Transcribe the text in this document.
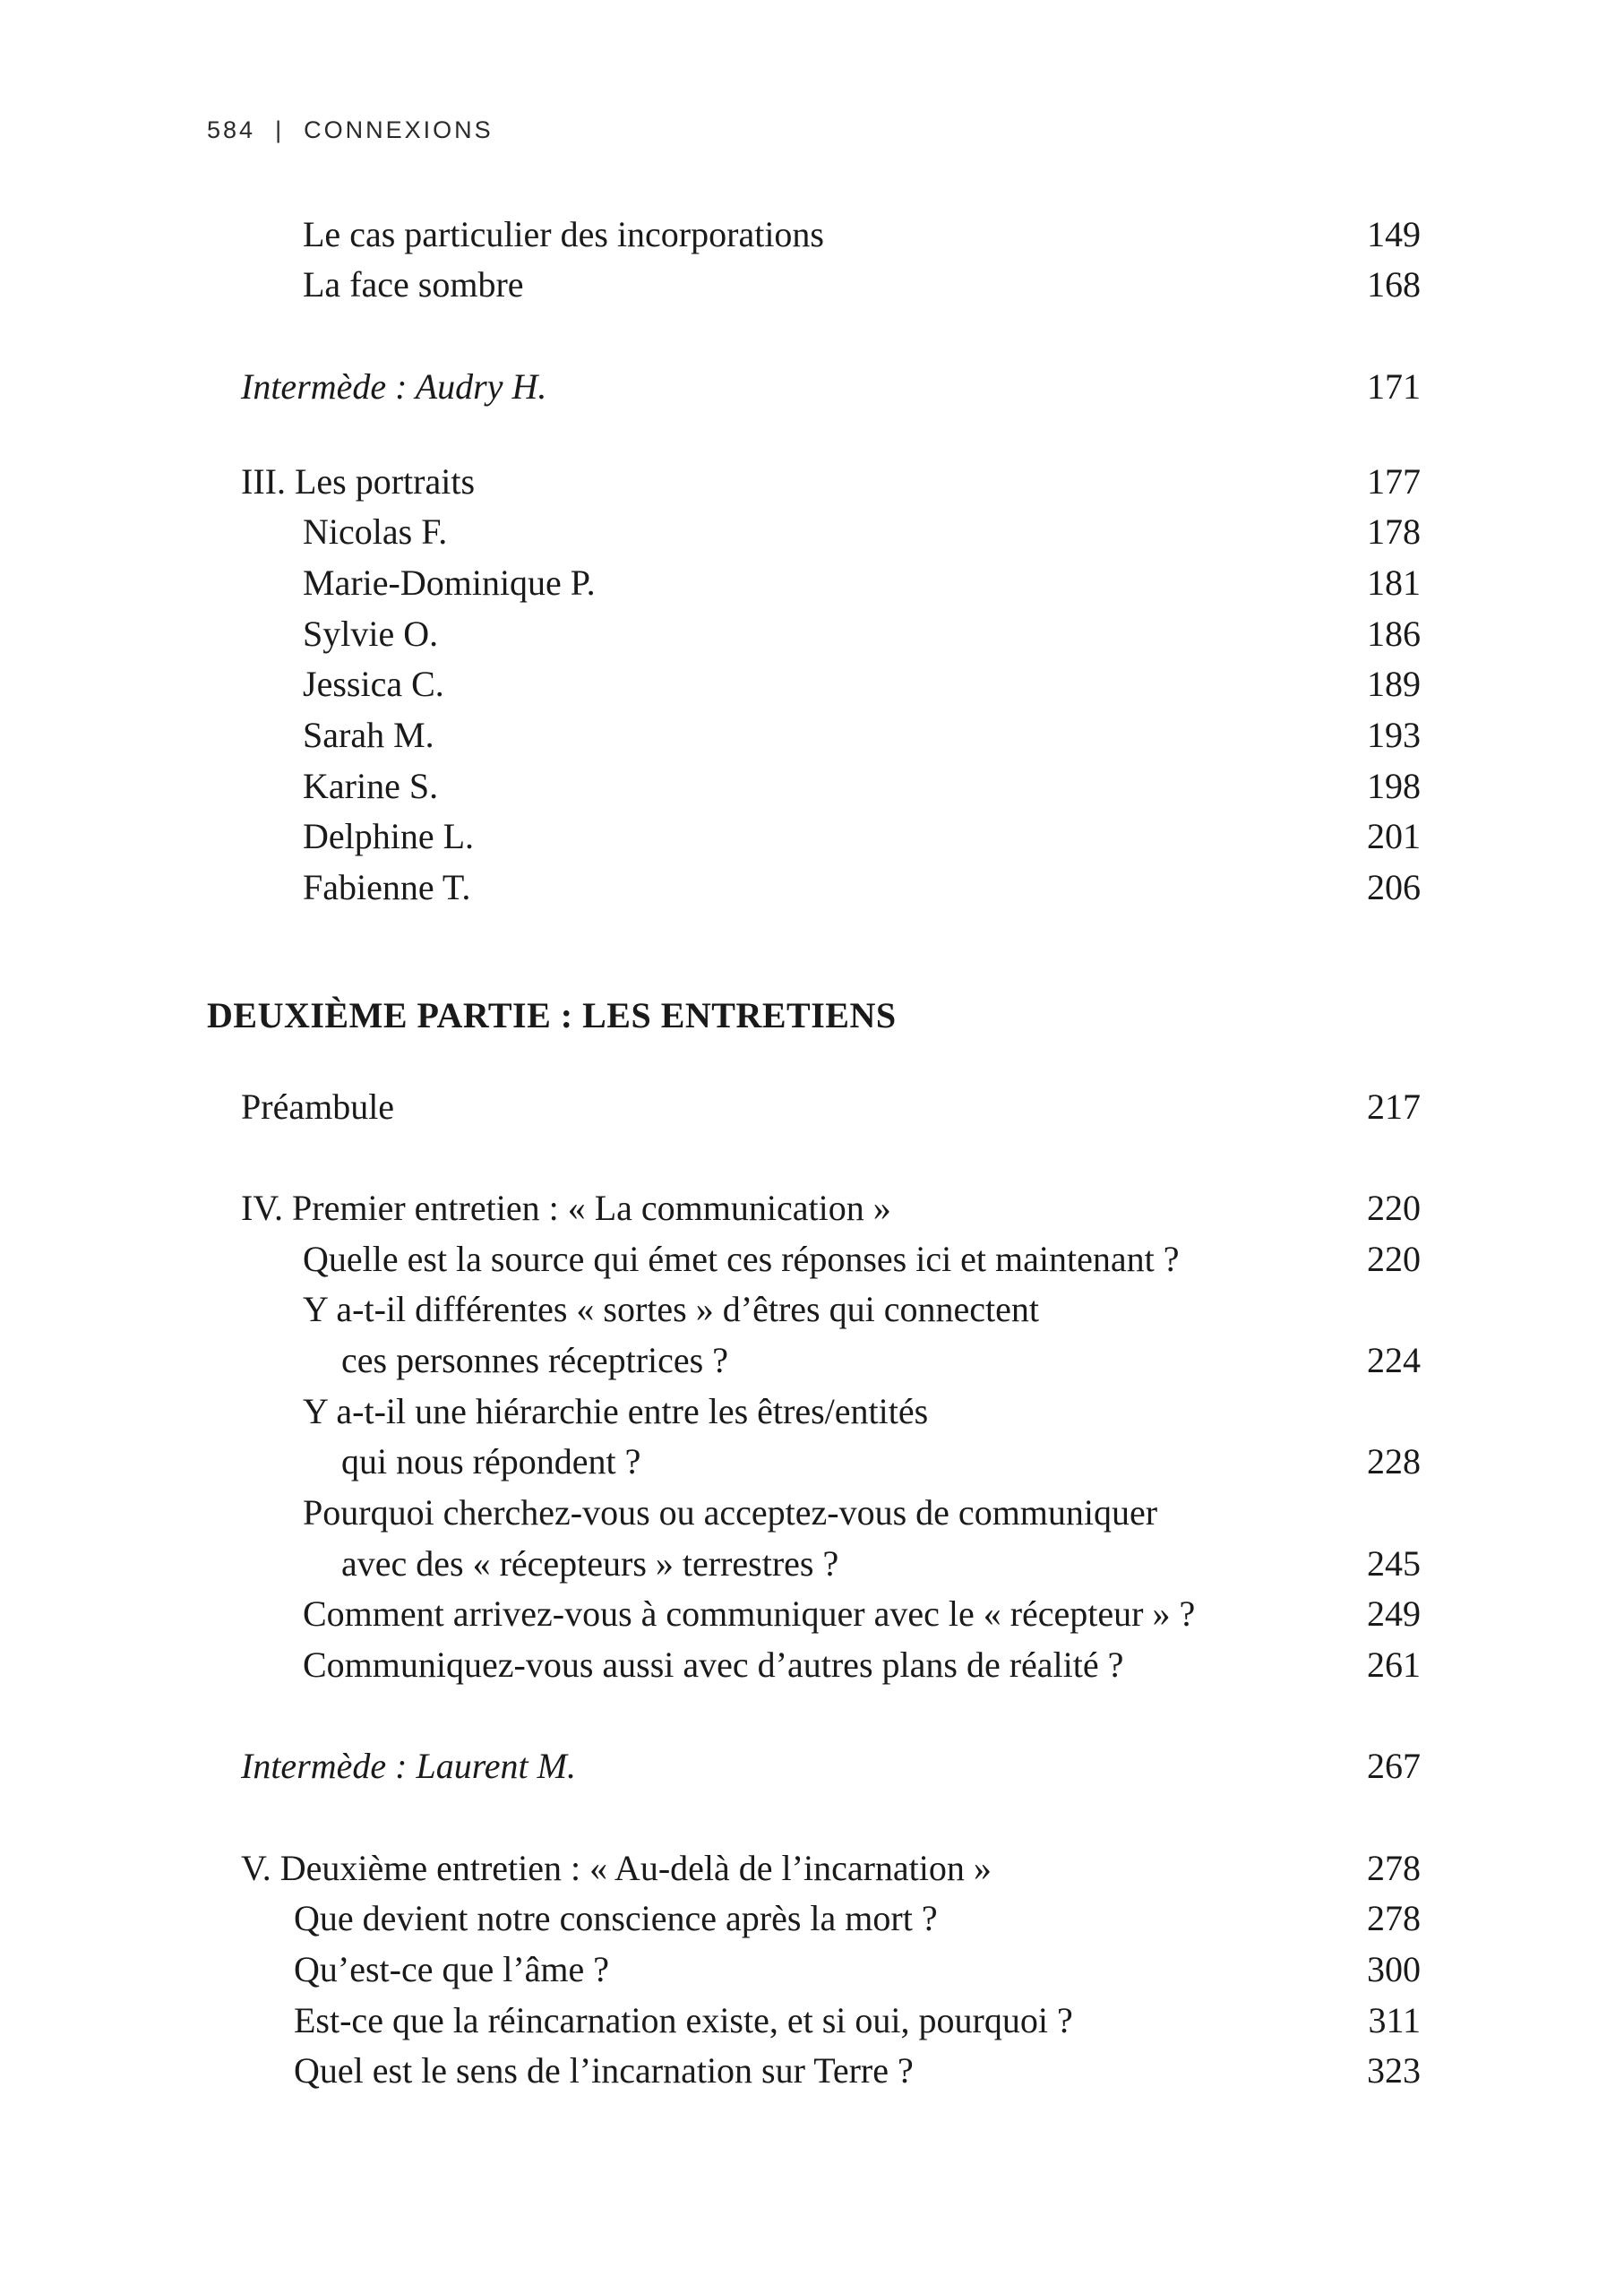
584 | CONNEXIONS
Le cas particulier des incorporations	149
La face sombre	168
Intermède : Audry H.	171
III. Les portraits	177
Nicolas F.	178
Marie-Dominique P.	181
Sylvie O.	186
Jessica C.	189
Sarah M.	193
Karine S.	198
Delphine L.	201
Fabienne T.	206
DEUXIÈME PARTIE : LES ENTRETIENS
Préambule	217
IV. Premier entretien : « La communication »	220
Quelle est la source qui émet ces réponses ici et maintenant ?	220
Y a-t-il différentes « sortes » d’êtres qui connectent
ces personnes réceptrices ?	224
Y a-t-il une hiérarchie entre les êtres/entités
qui nous répondent ?	228
Pourquoi cherchez-vous ou acceptez-vous de communiquer
avec des « récepteurs » terrestres ?	245
Comment arrivez-vous à communiquer avec le « récepteur » ?	249
Communiquez-vous aussi avec d’autres plans de réalité ?	261
Intermède : Laurent M.	267
V. Deuxième entretien : « Au-delà de l’incarnation »	278
Que devient notre conscience après la mort ?	278
Qu’est-ce que l’âme ?	300
Est-ce que la réincarnation existe, et si oui, pourquoi ?	311
Quel est le sens de l’incarnation sur Terre ?	323
